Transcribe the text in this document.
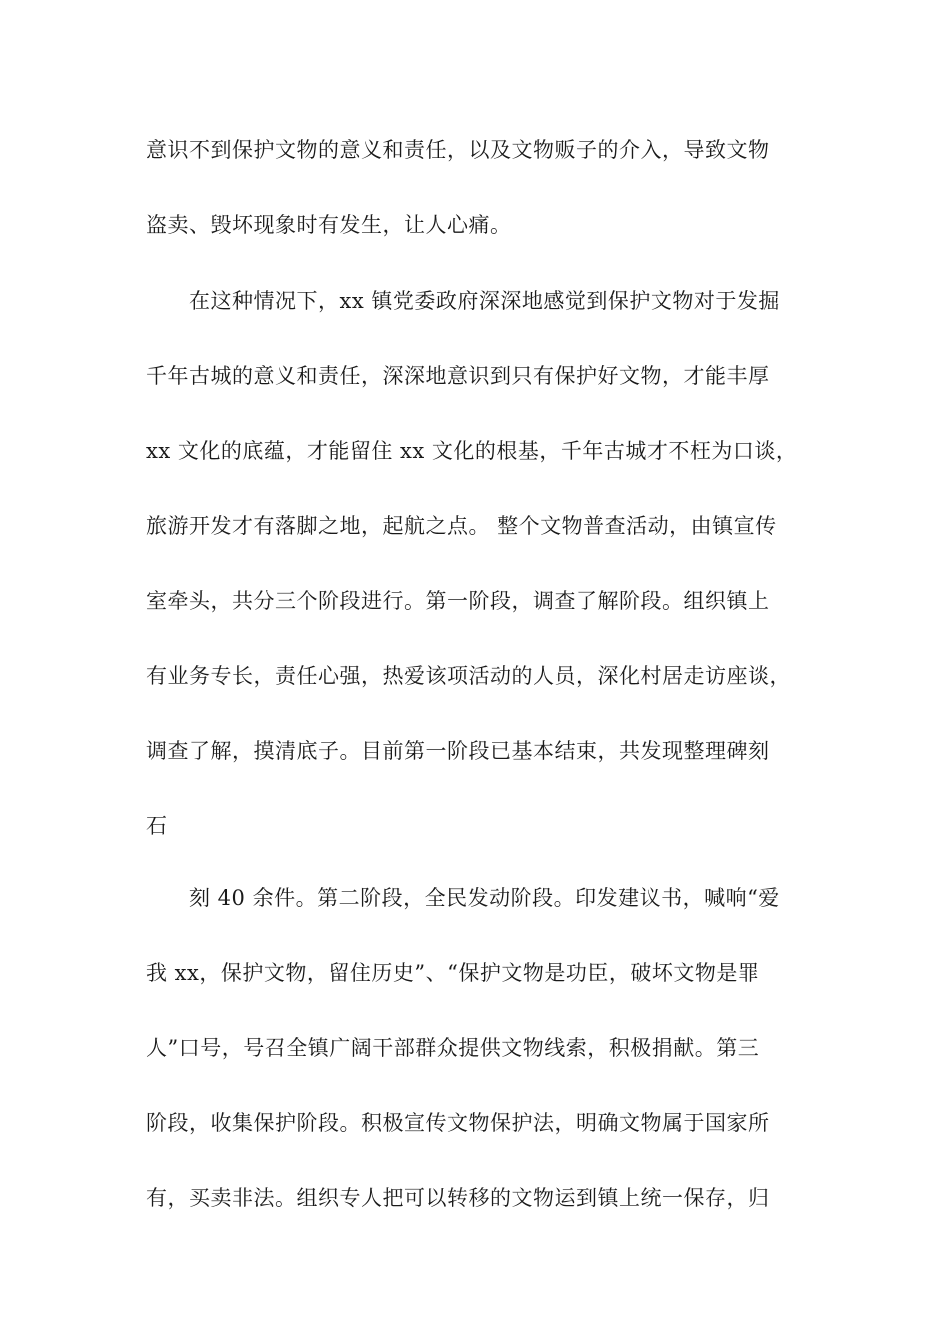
意识不到保护文物的意义和责任，以及文物贩子的介入，导致文物
盗卖、毁坏现象时有发生，让人心痛。
在这种情况下，xx 镇党委政府深深地感觉到保护文物对于发掘
千年古城的意义和责任，深深地意识到只有保护好文物，才能丰厚
xx 文化的底蕴，才能留住 xx 文化的根基，千年古城才不枉为口谈，
旅游开发才有落脚之地，起航之点。 整个文物普查活动，由镇宣传
室牵头，共分三个阶段进行。第一阶段，调查了解阶段。组织镇上
有业务专长，责任心强，热爱该项活动的人员，深化村居走访座谈，
调查了解，摸清底子。目前第一阶段已基本结束，共发现整理碑刻
石
刻 40 余件。第二阶段，全民发动阶段。印发建议书，喊响“爱
我 xx，保护文物，留住历史”、“保护文物是功臣，破坏文物是罪
人”口号，号召全镇广阔干部群众提供文物线索，积极捐献。第三
阶段，收集保护阶段。积极宣传文物保护法，明确文物属于国家所
有，买卖非法。组织专人把可以转移的文物运到镇上统一保存，归
